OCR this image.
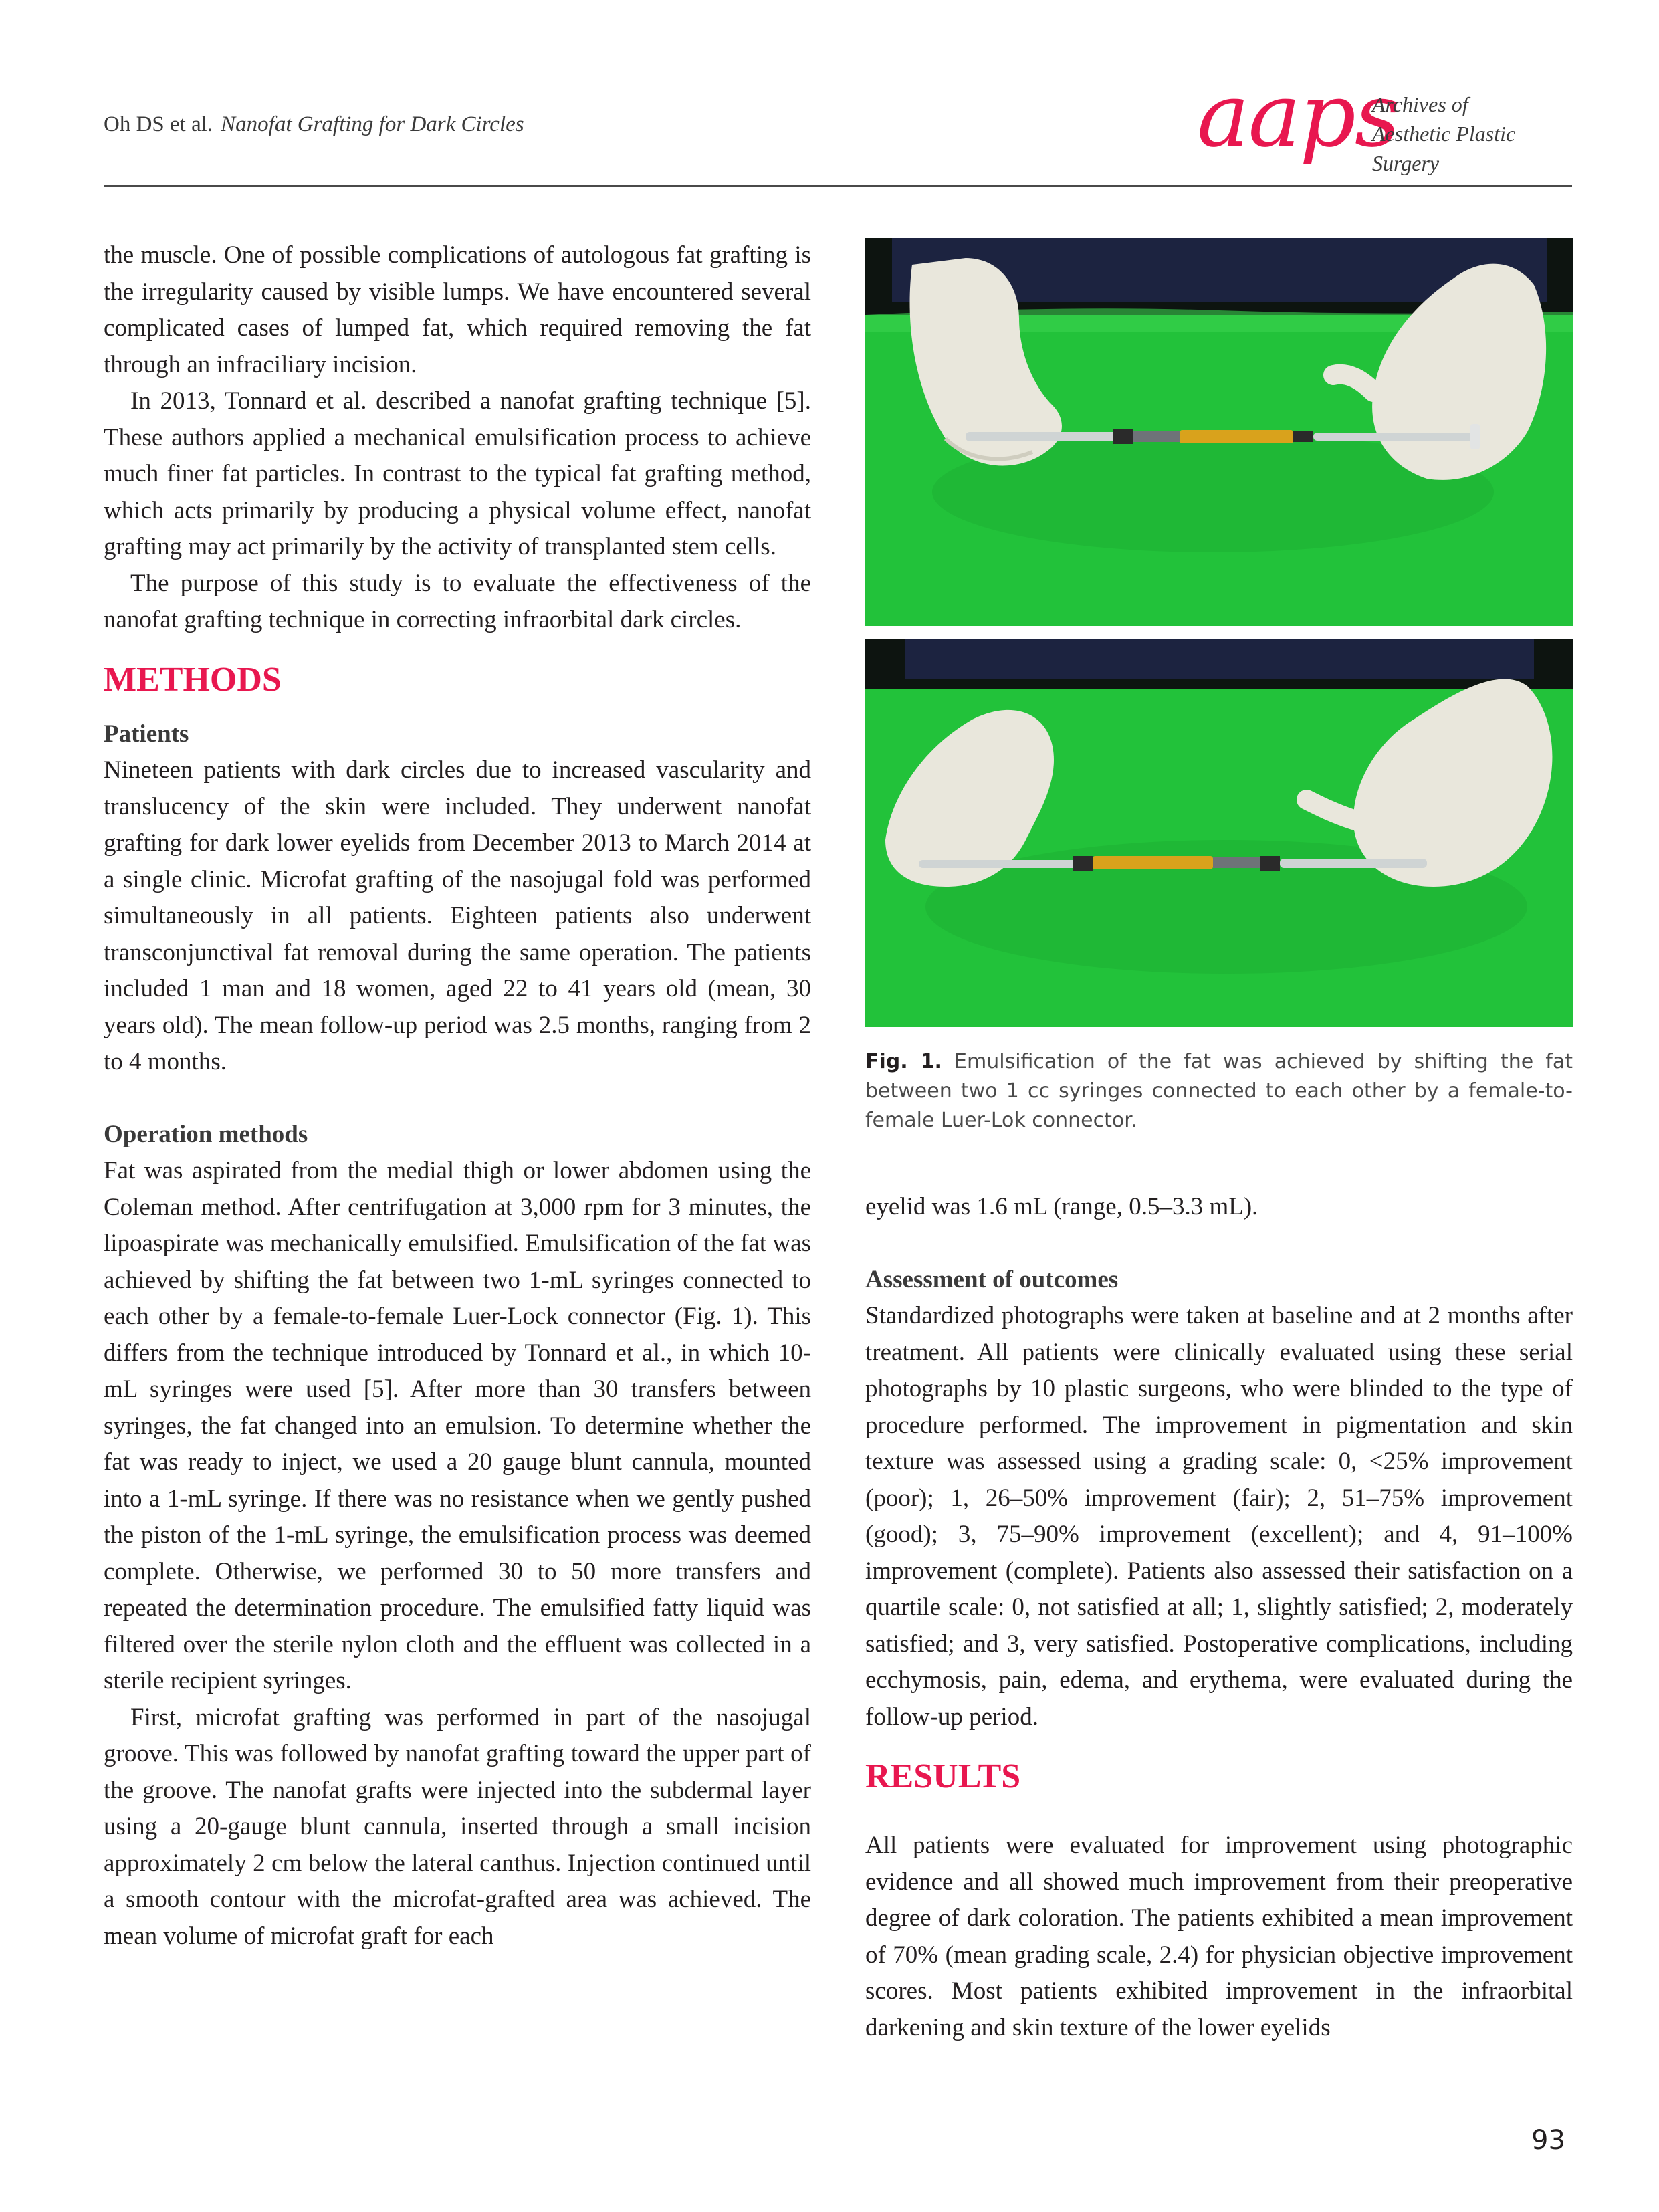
Oh DS et al. Nanofat Grafting for Dark Circles	aaps
Archives of
Aesthetic Plastic Surgery

the muscle. One of possible complications of autologous fat grafting is the irregularity caused by visible lumps. We have encountered several complicated cases of lumped fat, which required removing the fat through an infraciliary incision.

In 2013, Tonnard et al. described a nanofat grafting technique [5]. These authors applied a mechanical emulsification process to achieve much finer fat particles. In contrast to the typical fat grafting method, which acts primarily by producing a physical volume effect, nanofat grafting may act primarily by the activity of transplanted stem cells.

The purpose of this study is to evaluate the effectiveness of the nanofat grafting technique in correcting infraorbital dark circles.

METHODS
Patients

Nineteen patients with dark circles due to increased vascularity and translucency of the skin were included. They underwent nanofat grafting for dark lower eyelids from December 2013 to March 2014 at a single clinic. Microfat grafting of the nasojugal fold was performed simultaneously in all patients. Eighteen patients also underwent transconjunctival fat removal during the same operation. The patients included 1 man and 18 women, aged 22 to 41 years old (mean, 30 years old). The mean follow-up period was 2.5 months, ranging from 2 to 4 months.

Operation methods

Fat was aspirated from the medial thigh or lower abdomen using the Coleman method. After centrifugation at 3,000 rpm for 3 minutes, the lipoaspirate was mechanically emulsified. Emulsification of the fat was achieved by shifting the fat between two 1-mL syringes connected to each other by a female-to-female Luer-Lock connector (Fig. 1). This differs from the technique introduced by Tonnard et al., in which 10-mL syringes were used [5]. After more than 30 transfers between syringes, the fat changed into an emulsion. To determine whether the fat was ready to inject, we used a 20 gauge blunt cannula, mounted into a 1-mL syringe. If there was no resistance when we gently pushed the piston of the 1-mL syringe, the emulsification process was deemed complete. Otherwise, we performed 30 to 50 more transfers and repeated the determination procedure. The emulsified fatty liquid was filtered over the sterile nylon cloth and the effluent was collected in a sterile recipient syringes.

First, microfat grafting was performed in part of the nasojugal groove. This was followed by nanofat grafting toward the upper part of the groove. The nanofat grafts were injected into the subdermal layer using a 20-gauge blunt cannula, inserted through a small incision approximately 2 cm below the lateral canthus. Injection continued until a smooth contour with the microfat-grafted area was achieved. The mean volume of microfat graft for each

Fig. 1. Emulsification of the fat was achieved by shifting the fat between two 1 cc syringes connected to each other by a female-to-female Luer-Lok connector.

eyelid was 1.6 mL (range, 0.5–3.3 mL).

Assessment of outcomes

Standardized photographs were taken at baseline and at 2 months after treatment. All patients were clinically evaluated using these serial photographs by 10 plastic surgeons, who were blinded to the type of procedure performed. The improvement in pigmentation and skin texture was assessed using a grading scale: 0, <25% improvement (poor); 1, 26–50% improvement (fair); 2, 51–75% improvement (good); 3, 75–90% improvement (excellent); and 4, 91–100% improvement (complete). Patients also assessed their satisfaction on a quartile scale: 0, not satisfied at all; 1, slightly satisfied; 2, moderately satisfied; and 3, very satisfied. Postoperative complications, including ecchymosis, pain, edema, and erythema, were evaluated during the follow-up period.

RESULTS

All patients were evaluated for improvement using photographic evidence and all showed much improvement from their preoperative degree of dark coloration. The patients exhibited a mean improvement of 70% (mean grading scale, 2.4) for physician objective improvement scores. Most patients exhibited improvement in the infraorbital darkening and skin texture of the lower eyelids

93
